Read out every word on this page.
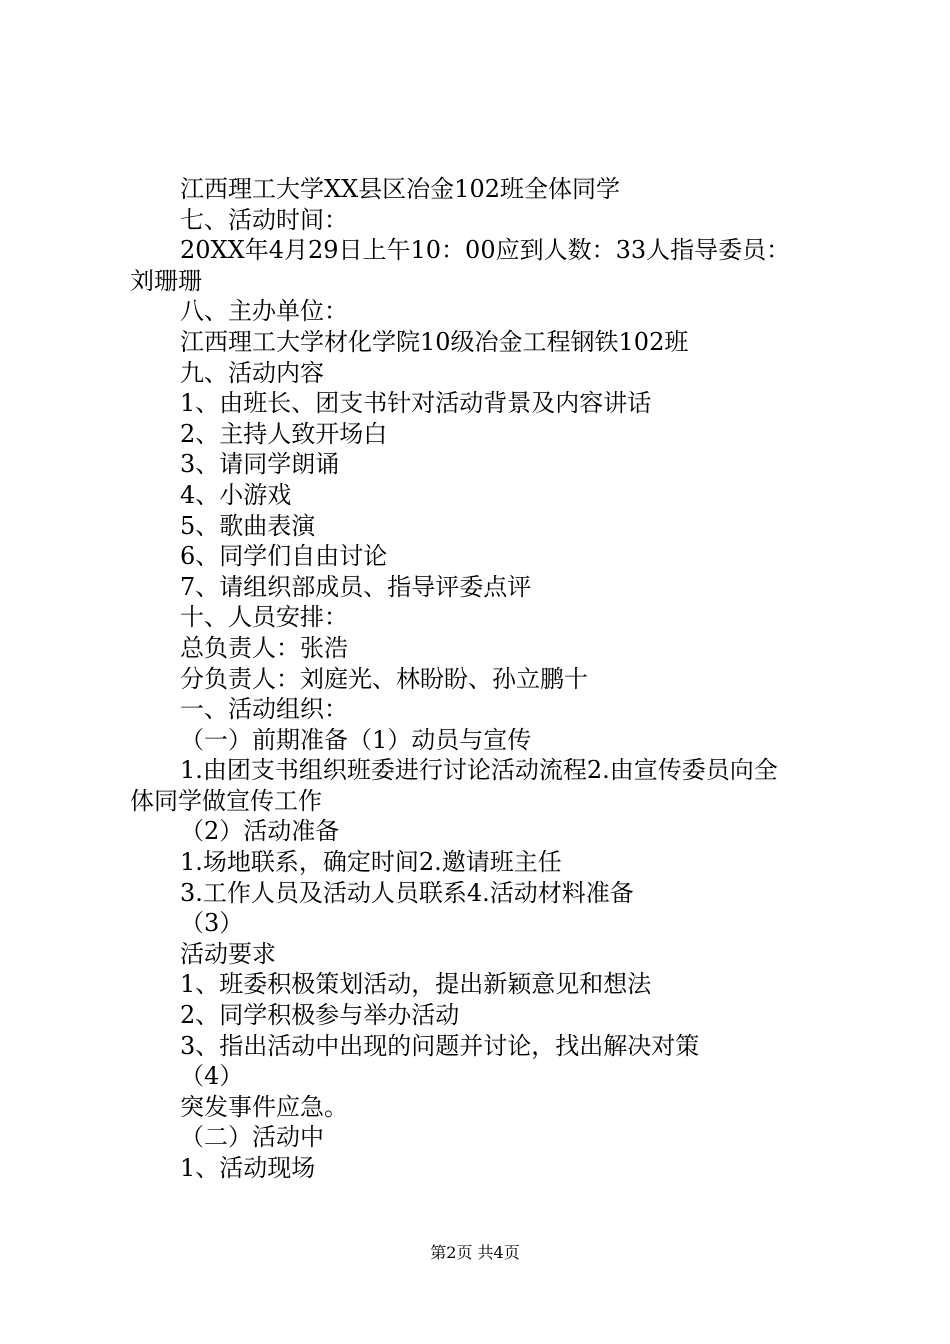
江西理工大学XX县区冶金102班全体同学
七、活动时间：
20XX年4月29日上午10：00应到人数：33人指导委员：
刘珊珊
八、主办单位：
江西理工大学材化学院10级冶金工程钢铁102班
九、活动内容
1、由班长、团支书针对活动背景及内容讲话
2、主持人致开场白
3、请同学朗诵
4、小游戏
5、歌曲表演
6、同学们自由讨论
7、请组织部成员、指导评委点评
十、人员安排：
总负责人：张浩
分负责人：刘庭光、林盼盼、孙立鹏十
一、活动组织：
（一）前期准备（1）动员与宣传
1.由团支书组织班委进行讨论活动流程2.由宣传委员向全
体同学做宣传工作
（2）活动准备
1.场地联系，确定时间2.邀请班主任
3.工作人员及活动人员联系4.活动材料准备
（3）
活动要求
1、班委积极策划活动，提出新颖意见和想法
2、同学积极参与举办活动
3、指出活动中出现的问题并讨论，找出解决对策
（4）
突发事件应急。
（二）活动中
1、活动现场
第2页 共4页
